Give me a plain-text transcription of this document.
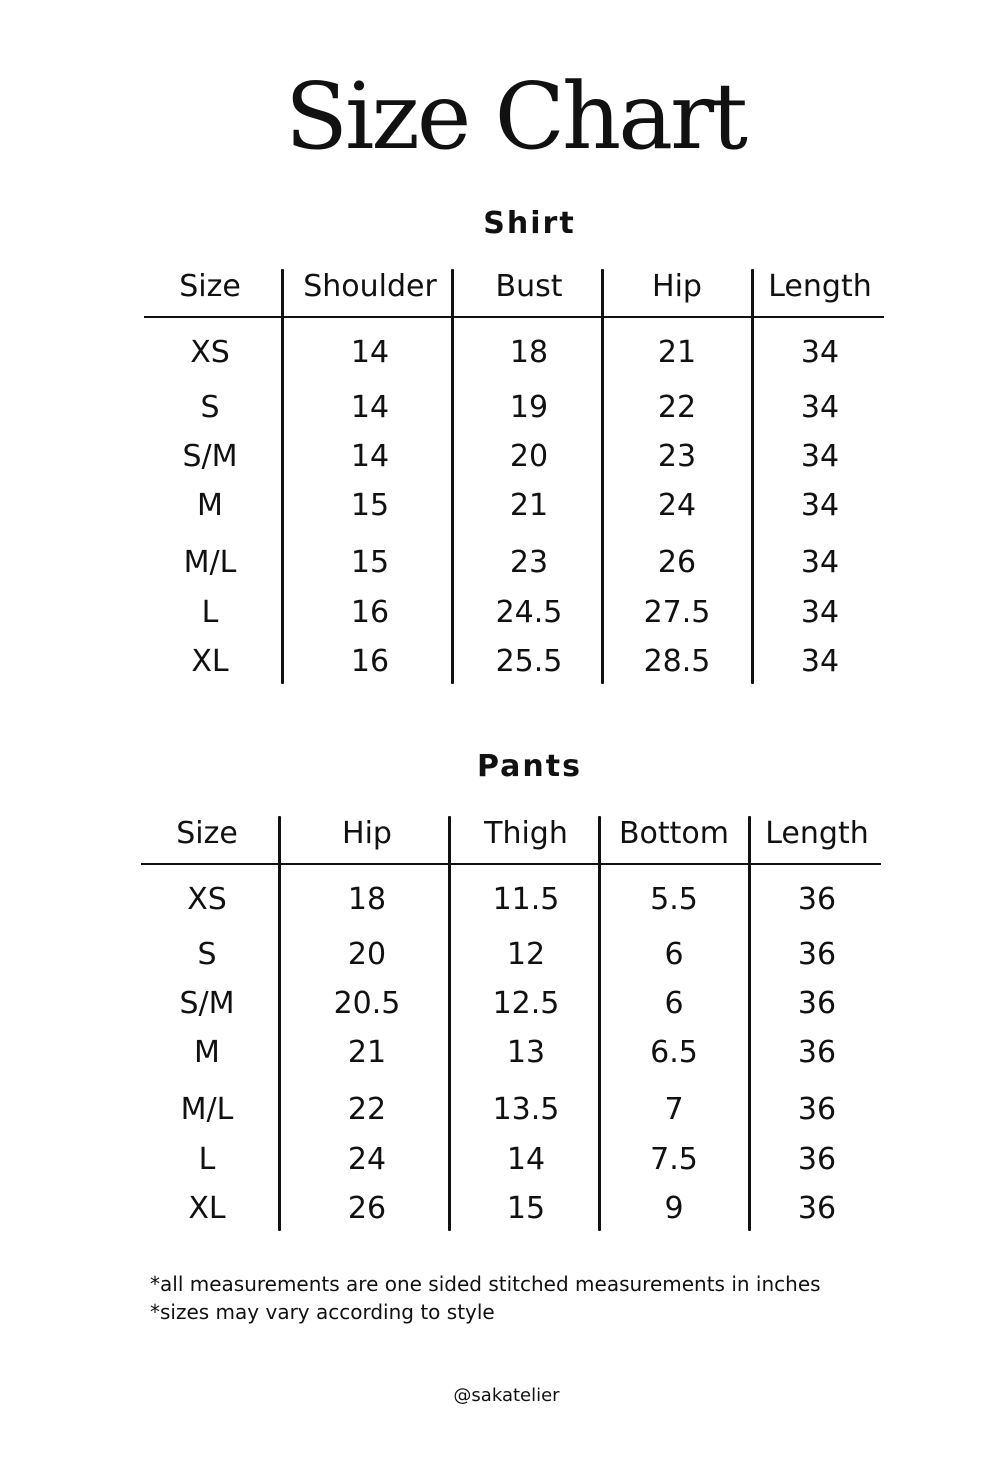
Size Chart
Shirt
Size	Shoulder	Bust	Hip	Length
XS	14	18	21	34
S	14	19	22	34
S/M	14	20	23	34
M	15	21	24	34
M/L	15	23	26	34
L	16	24.5	27.5	34
XL	16	25.5	28.5	34
Pants
Size	Hip	Thigh	Bottom	Length
XS	18	11.5	5.5	36
S	20	12	6	36
S/M	20.5	12.5	6	36
M	21	13	6.5	36
M/L	22	13.5	7	36
L	24	14	7.5	36
XL	26	15	9	36

*all measurements are one sided stitched measurements in inches

*sizes may vary according to style

@sakatelier
